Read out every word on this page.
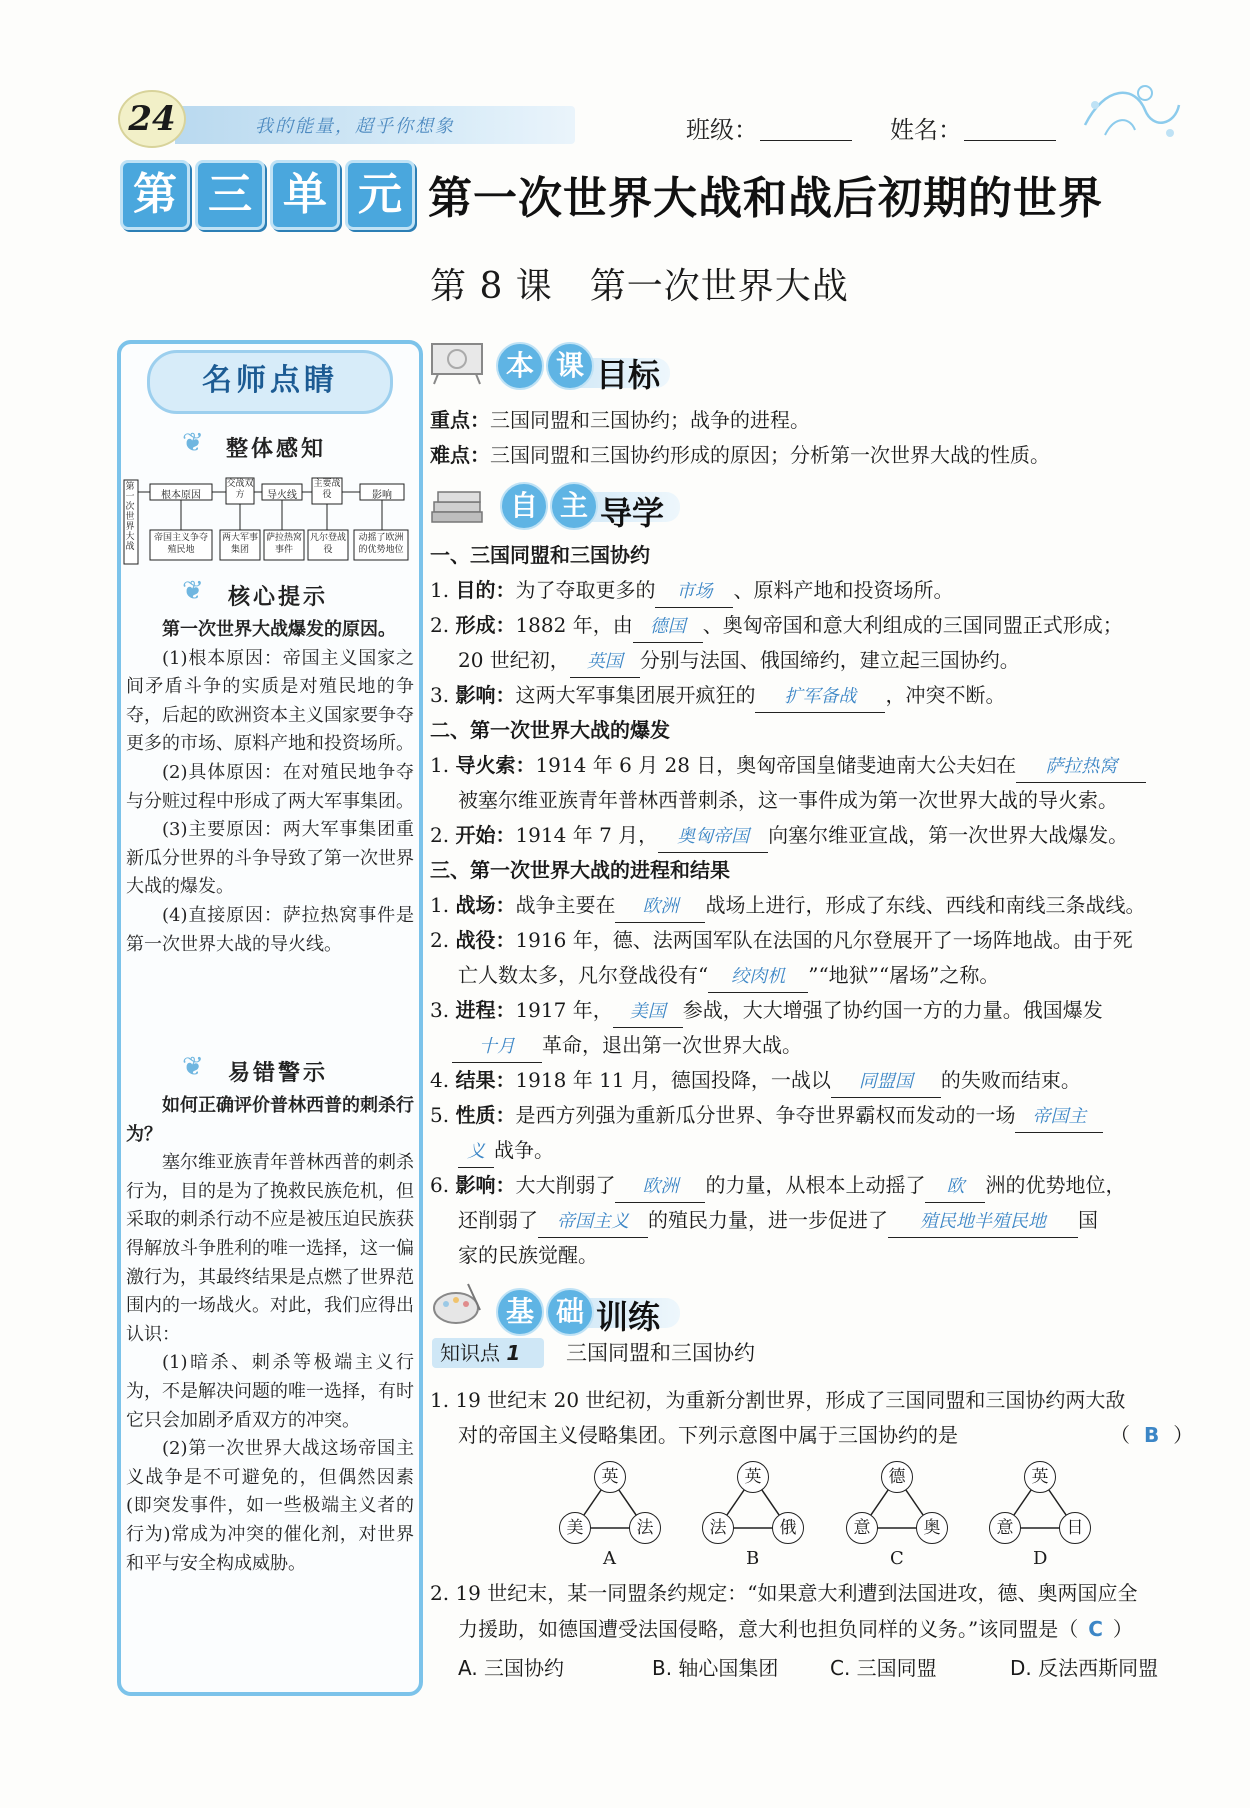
24	我的能量，超乎你想象	班级：	姓名：
第 三 单 元 第一次世界大战和战后初期的世界
第 8 课　第一次世界大战
名师点睛
❦ 整体感知
第一次世界大战
根本原因
交战双方	导火线
主要战役	影响
帝国主义争夺殖民地
两大军事集团
萨拉热窝事件
凡尔登战役
动摇了欧洲的优势地位
❦ 核心提示

第一次世界大战爆发的原因。

(1)根本原因：帝国主义国家之间矛盾斗争的实质是对殖民地的争夺，后起的欧洲资本主义国家要争夺更多的市场、原料产地和投资场所。

(2)具体原因：在对殖民地争夺与分赃过程中形成了两大军事集团。

(3)主要原因：两大军事集团重新瓜分世界的斗争导致了第一次世界大战的爆发。

(4)直接原因：萨拉热窝事件是第一次世界大战的导火线。

❦ 易错警示

如何正确评价普林西普的刺杀行为？

塞尔维亚族青年普林西普的刺杀行为，目的是为了挽救民族危机，但采取的刺杀行动不应是被压迫民族获得解放斗争胜利的唯一选择，这一偏激行为，其最终结果是点燃了世界范围内的一场战火。对此，我们应得出认识：

(1)暗杀、刺杀等极端主义行为，不是解决问题的唯一选择，有时它只会加剧矛盾双方的冲突。

(2)第一次世界大战这场帝国主义战争是不可避免的，但偶然因素(即突发事件，如一些极端主义者的行为)常成为冲突的催化剂，对世界和平与安全构成威胁。

本 课 目标
重点：三国同盟和三国协约；战争的进程。
难点：三国同盟和三国协约形成的原因；分析第一次世界大战的性质。
自 主 导学
一、三国同盟和三国协约
1. 目的：为了夺取更多的 市场 、原料产地和投资场所。
2. 形成：1882 年，由 德国 、奥匈帝国和意大利组成的三国同盟正式形成；
20 世纪初， 英国 分别与法国、俄国缔约，建立起三国协约。
3. 影响：这两大军事集团展开疯狂的 扩军备战 ，冲突不断。
二、第一次世界大战的爆发
1. 导火索：1914 年 6 月 28 日，奥匈帝国皇储斐迪南大公夫妇在 萨拉热窝
被塞尔维亚族青年普林西普刺杀，这一事件成为第一次世界大战的导火索。
2. 开始：1914 年 7 月， 奥匈帝国 向塞尔维亚宣战，第一次世界大战爆发。
三、第一次世界大战的进程和结果
1. 战场：战争主要在 欧洲 战场上进行，形成了东线、西线和南线三条战线。
2. 战役：1916 年，德、法两国军队在法国的凡尔登展开了一场阵地战。由于死
亡人数太多，凡尔登战役有“ 绞肉机 ”“地狱”“屠场”之称。
3. 进程：1917 年， 美国 参战，大大增强了协约国一方的力量。俄国爆发
十月 革命，退出第一次世界大战。
4. 结果：1918 年 11 月，德国投降，一战以 同盟国 的失败而结束。
5. 性质：是西方列强为重新瓜分世界、争夺世界霸权而发动的一场 帝国主
义 战争。
6. 影响：大大削弱了 欧洲 的力量，从根本上动摇了 欧 洲的优势地位，
还削弱了 帝国主义 的殖民力量，进一步促进了 殖民地半殖民地 国
家的民族觉醒。
基 础 训练
知识点 1	三国同盟和三国协约
1. 19 世纪末 20 世纪初，为重新分割世界，形成了三国同盟和三国协约两大敌
对的帝国主义侵略集团。下列示意图中属于三国协约的是	（ B ）
英
美	法
A
英
法	俄
B
德
意	奥
C
英
意	日
D
2. 19 世纪末，某一同盟条约规定：“如果意大利遭到法国进攻，德、奥两国应全
力援助，如德国遭受法国侵略，意大利也担负同样的义务。”该同盟是（ C ）
A. 三国协约	B. 轴心国集团	C. 三国同盟	D. 反法西斯同盟
